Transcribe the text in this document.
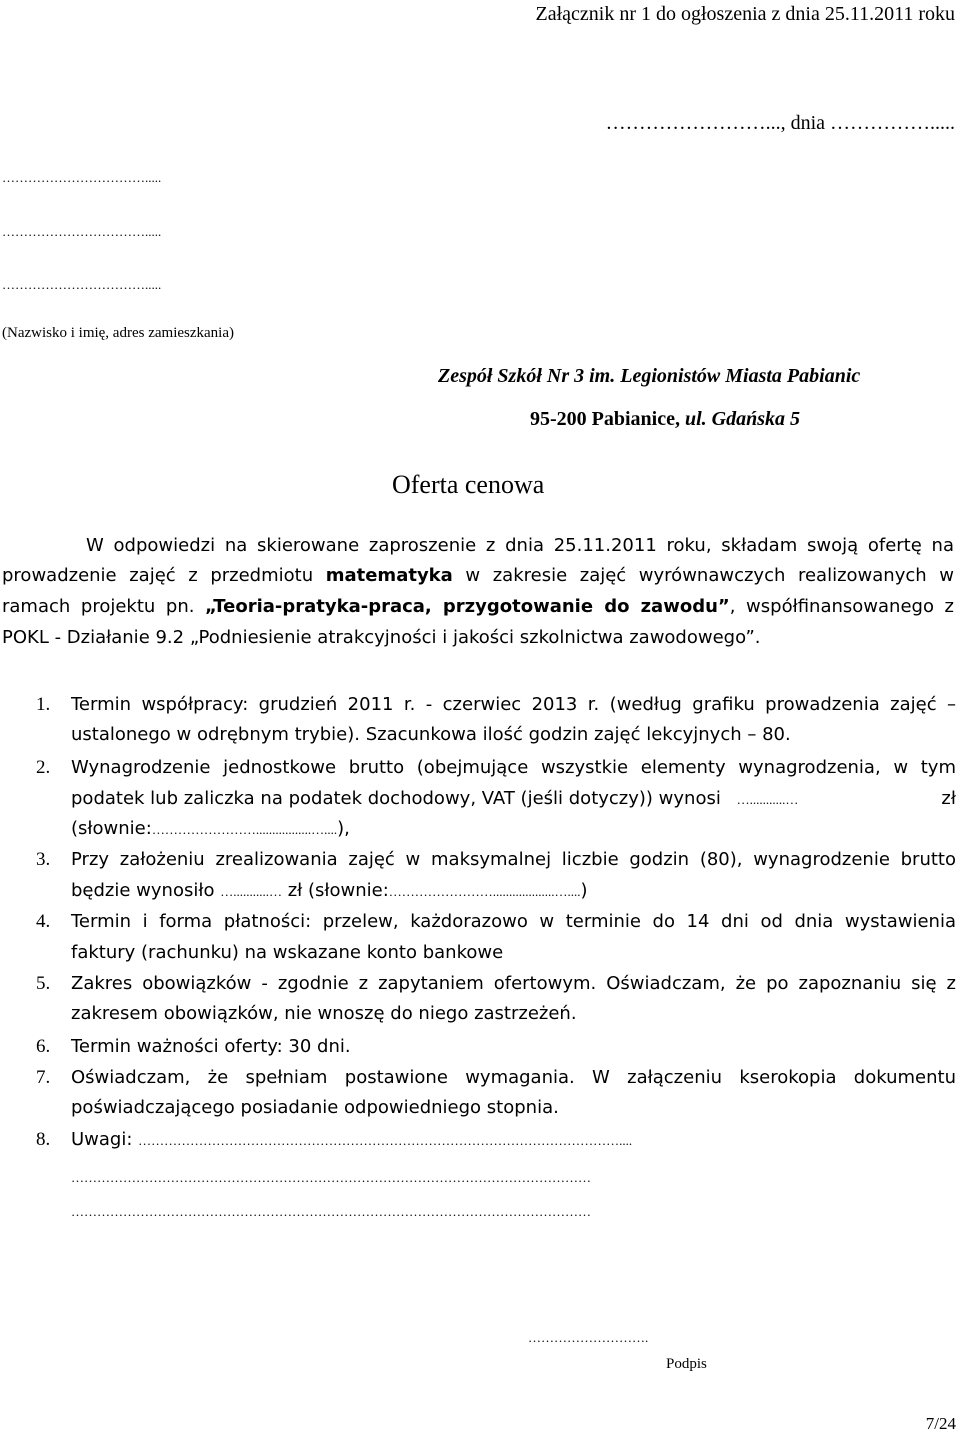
Załącznik nr 1 do ogłoszenia z dnia 25.11.2011 roku
……………………..., dnia …………….....
…………………………….....
…………………………….....
…………………………….....
(Nazwisko i imię, adres zamieszkania)
Zespół Szkół Nr 3 im. Legionistów Miasta Pabianic
95-200 Pabianice, ul. Gdańska 5
Oferta cenowa
W odpowiedzi na skierowane zaproszenie z dnia 25.11.2011 roku, składam swoją ofertę na
prowadzenie zajęć z przedmiotu matematyka w zakresie zajęć wyrównawczych realizowanych w
ramach projektu pn. „Teoria-pratyka-praca, przygotowanie do zawodu”, współfinansowanego z
POKL - Działanie 9.2 „Podniesienie atrakcyjności i jakości szkolnictwa zawodowego”.
1. Termin współpracy: grudzień 2011 r. - czerwiec 2013 r. (według grafiku prowadzenia zajęć –
ustalonego w odrębnym trybie). Szacunkowa ilość godzin zajęć lekcyjnych – 80.
2. Wynagrodzenie jednostkowe brutto (obejmujące wszystkie elementy wynagrodzenia, w tym
podatek lub zaliczka na podatek dochodowy, VAT (jeśli dotyczy)) wynosi …...........…	zł
(słownie:…………………….................…....),
3. Przy założeniu zrealizowania zajęć w maksymalnej liczbie godzin (80), wynagrodzenie brutto
będzie wynosiło …...........… zł (słownie:……………………...................…....)
4. Termin i forma płatności: przelew, każdorazowo w terminie do 14 dni od dnia wystawienia
faktury (rachunku) na wskazane konto bankowe
5. Zakres obowiązków - zgodnie z zapytaniem ofertowym. Oświadczam, że po zapoznaniu się z
zakresem obowiązków, nie wnoszę do niego zastrzeżeń.
6. Termin ważności oferty: 30 dni.
7. Oświadczam, że spełniam postawione wymagania. W załączeniu kserokopia dokumentu
poświadczającego posiadanie odpowiedniego stopnia.
8. Uwagi: …………………………………………………………………………………………………....
…………………………………………………………………………………………………………
…………………………………………………………………………………………………………
……………………….
Podpis
7/24
